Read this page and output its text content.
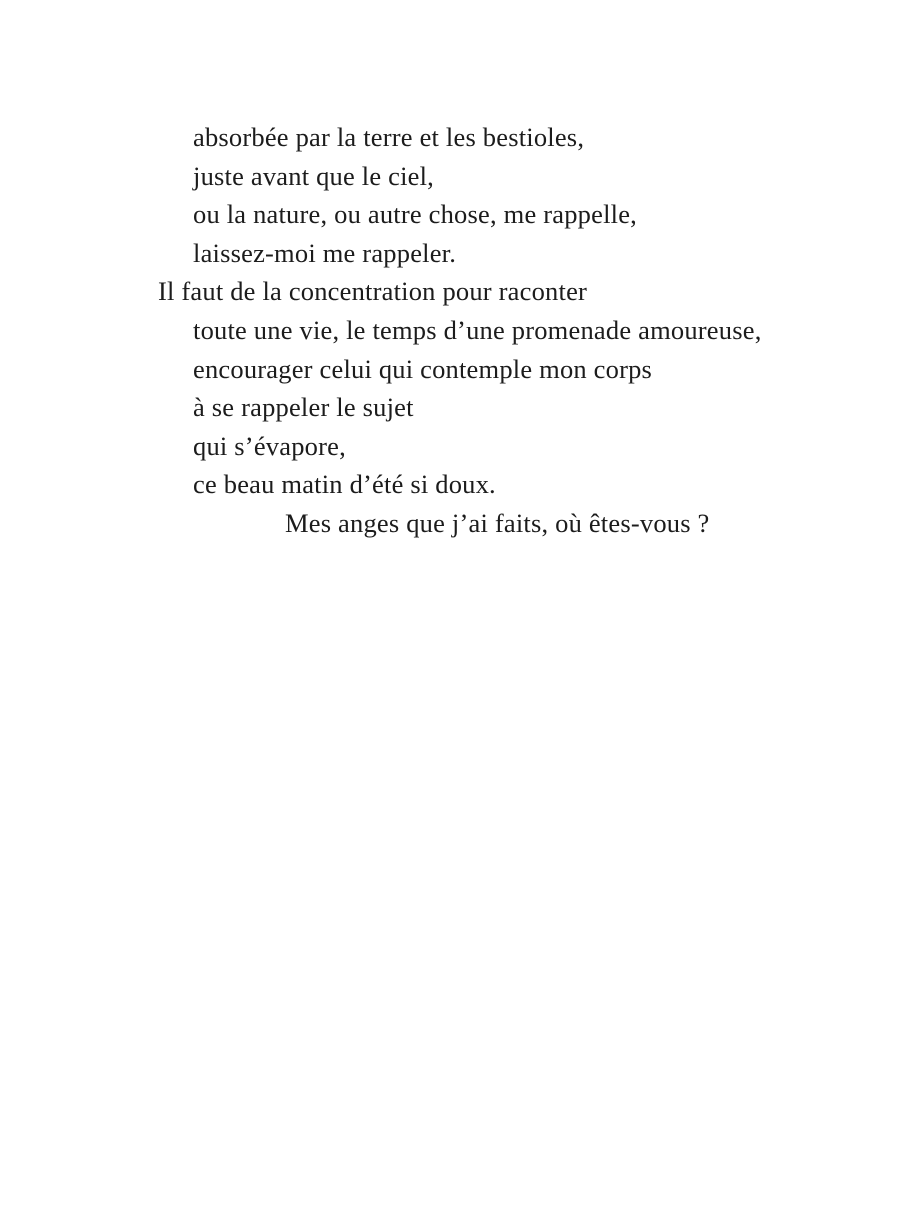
absorbée par la terre et les bestioles,
juste avant que le ciel,
ou la nature, ou autre chose, me rappelle,
laissez-moi me rappeler.
Il faut de la concentration pour raconter
toute une vie, le temps d’une promenade amoureuse,
encourager celui qui contemple mon corps
à se rappeler le sujet
qui s’évapore,
ce beau matin d’été si doux.
Mes anges que j’ai faits, où êtes-vous ?
